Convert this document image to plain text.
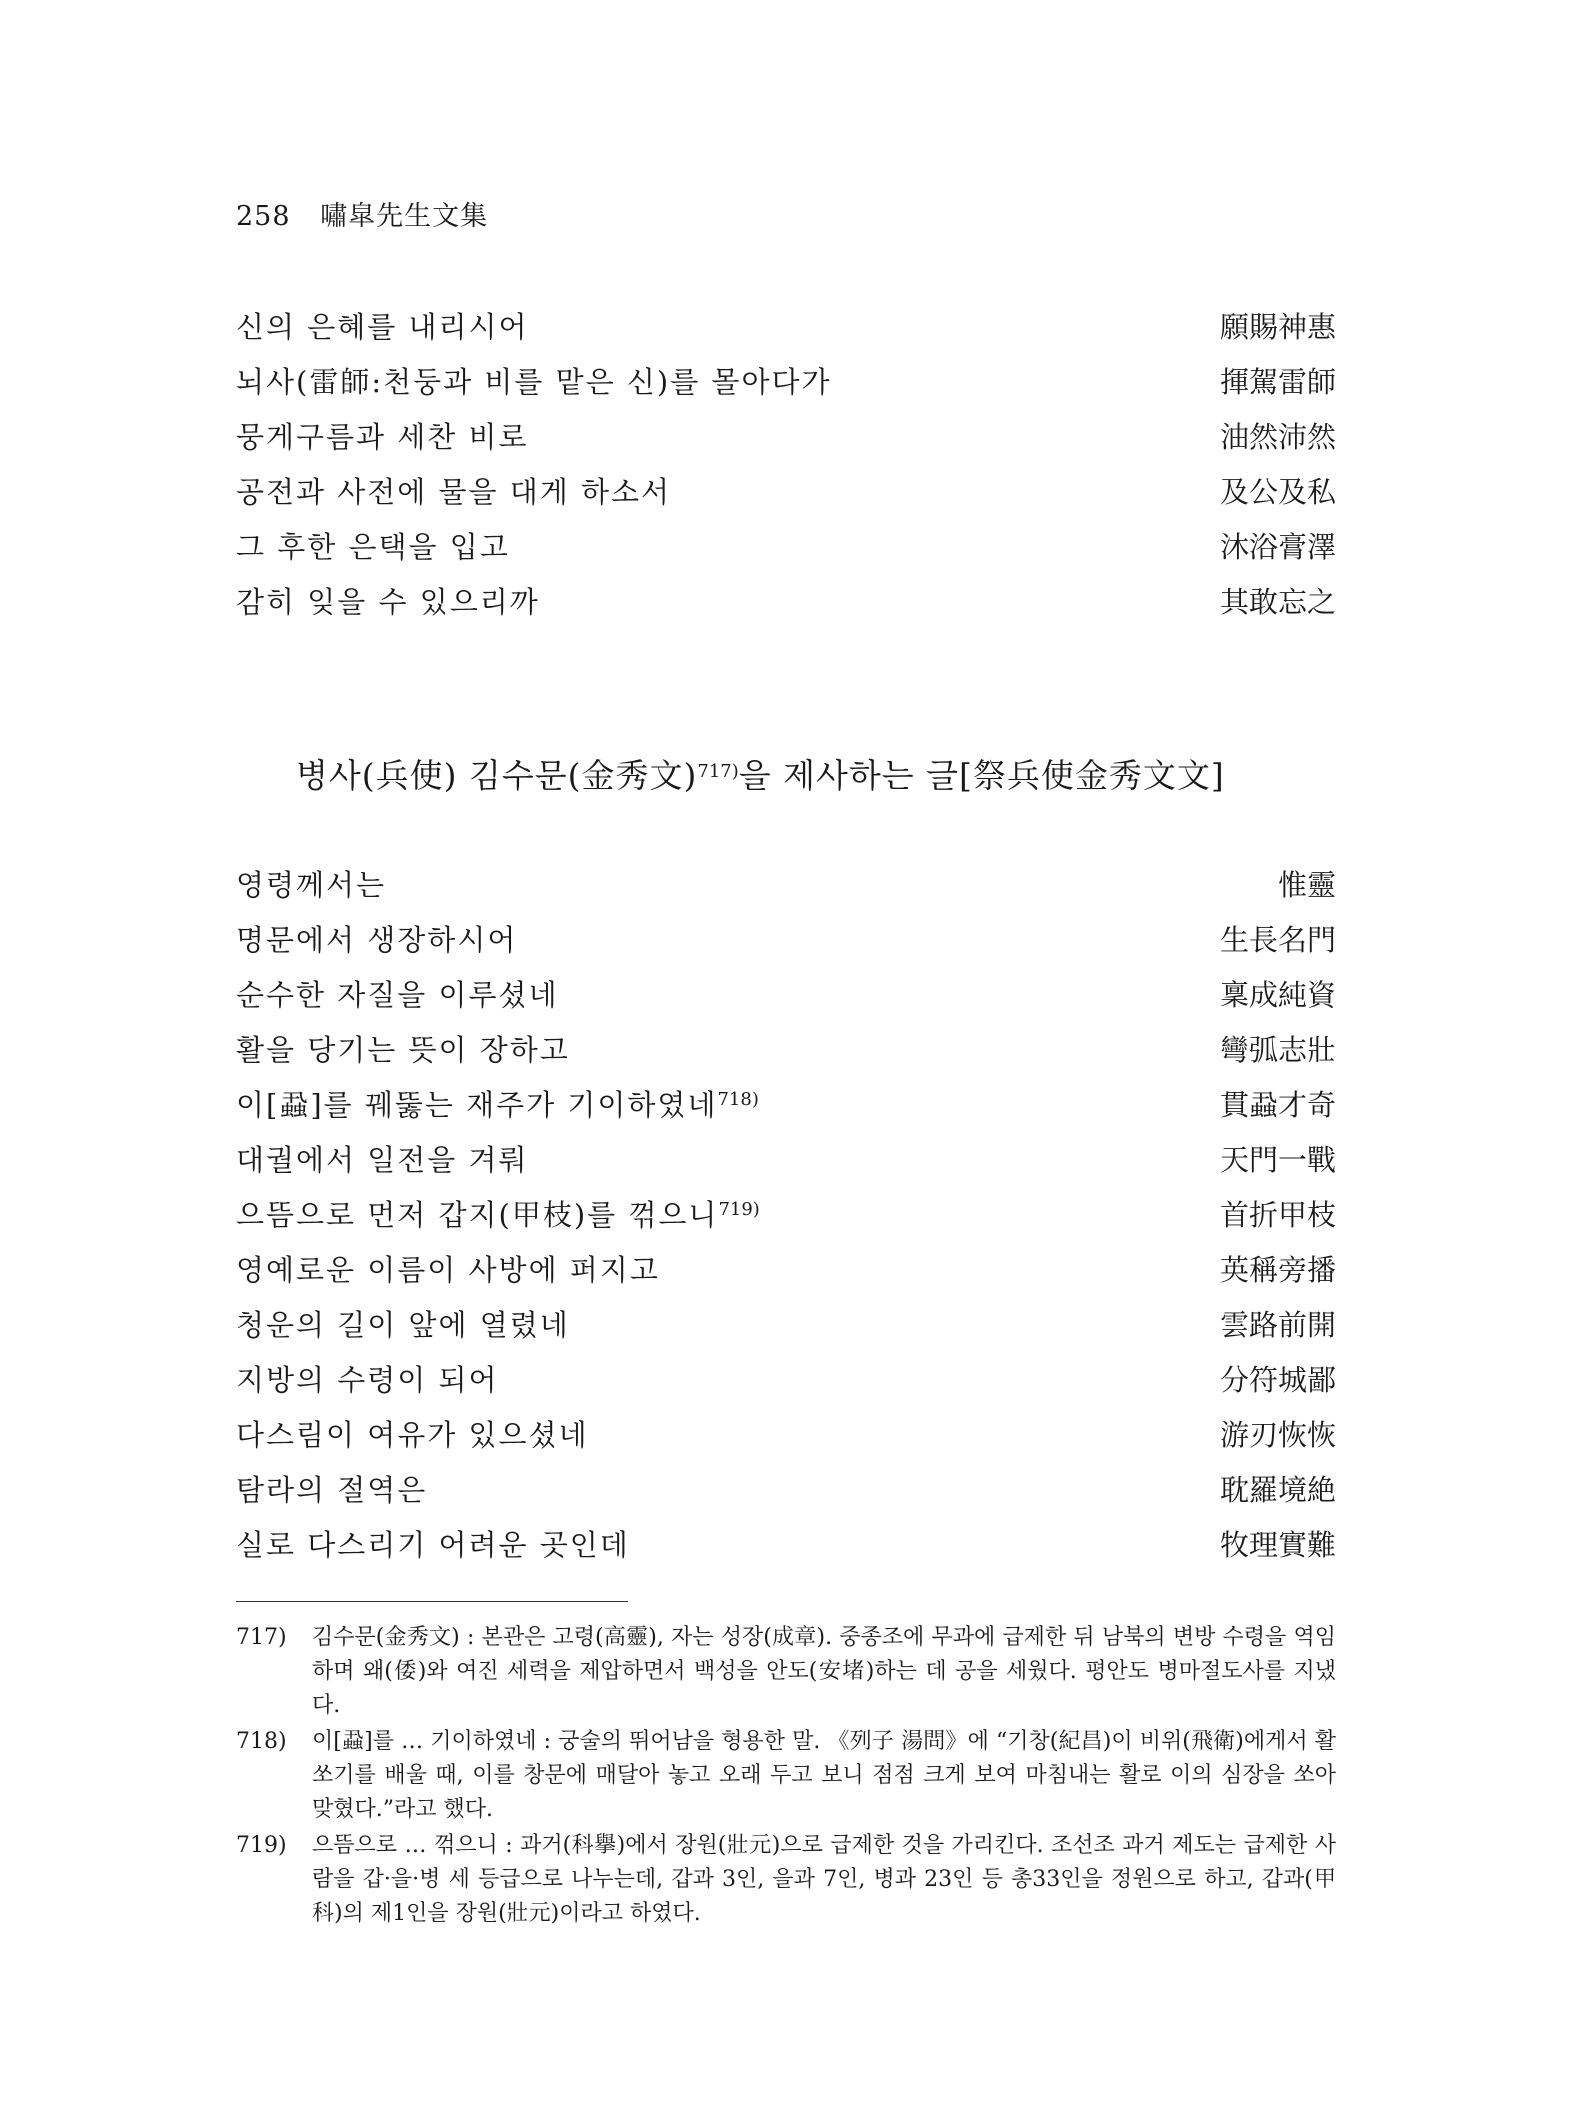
258 嘯皐先生文集
신의 은혜를 내리시어	願賜神惠
뇌사(雷師:천둥과 비를 맡은 신)를 몰아다가	揮駕雷師
뭉게구름과 세찬 비로	油然沛然
공전과 사전에 물을 대게 하소서	及公及私
그 후한 은택을 입고	沐浴膏澤
감히 잊을 수 있으리까	其敢忘之
병사(兵使) 김수문(金秀文)$^{717)}$을 제사하는 글[祭兵使金秀文文]
영령께서는	惟靈
명문에서 생장하시어	生長名門
순수한 자질을 이루셨네	稟成純資
활을 당기는 뜻이 장하고	彎弧志壯
이[蝨]를 꿰뚫는 재주가 기이하였네$^{718)}$	貫蝨才奇
대궐에서 일전을 겨뤄	天門一戰
으뜸으로 먼저 갑지(甲枝)를 꺾으니$^{719)}$	首折甲枝
영예로운 이름이 사방에 퍼지고	英稱旁播
청운의 길이 앞에 열렸네	雲路前開
지방의 수령이 되어	分符城鄙
다스림이 여유가 있으셨네	游刃恢恢
탐라의 절역은	耽羅境絶
실로 다스리기 어려운 곳인데	牧理實難
717) 김수문(金秀文) : 본관은 고령(高靈), 자는 성장(成章). 중종조에 무과에 급제한 뒤 남북의 변방 수령을 역임하며 왜(倭)와 여진 세력을 제압하면서 백성을 안도(安堵)하는 데 공을 세웠다. 평안도 병마절도사를 지냈다.
718) 이[蝨]를 … 기이하였네 : 궁술의 뛰어남을 형용한 말. 《列子 湯問》에 “기창(紀昌)이 비위(飛衛)에게서 활쏘기를 배울 때, 이를 창문에 매달아 놓고 오래 두고 보니 점점 크게 보여 마침내는 활로 이의 심장을 쏘아 맞혔다.”라고 했다.
719) 으뜸으로 … 꺾으니 : 과거(科擧)에서 장원(壯元)으로 급제한 것을 가리킨다. 조선조 과거 제도는 급제한 사람을 갑·을·병 세 등급으로 나누는데, 갑과 3인, 을과 7인, 병과 23인 등 총33인을 정원으로 하고, 갑과(甲科)의 제1인을 장원(壯元)이라고 하였다.
